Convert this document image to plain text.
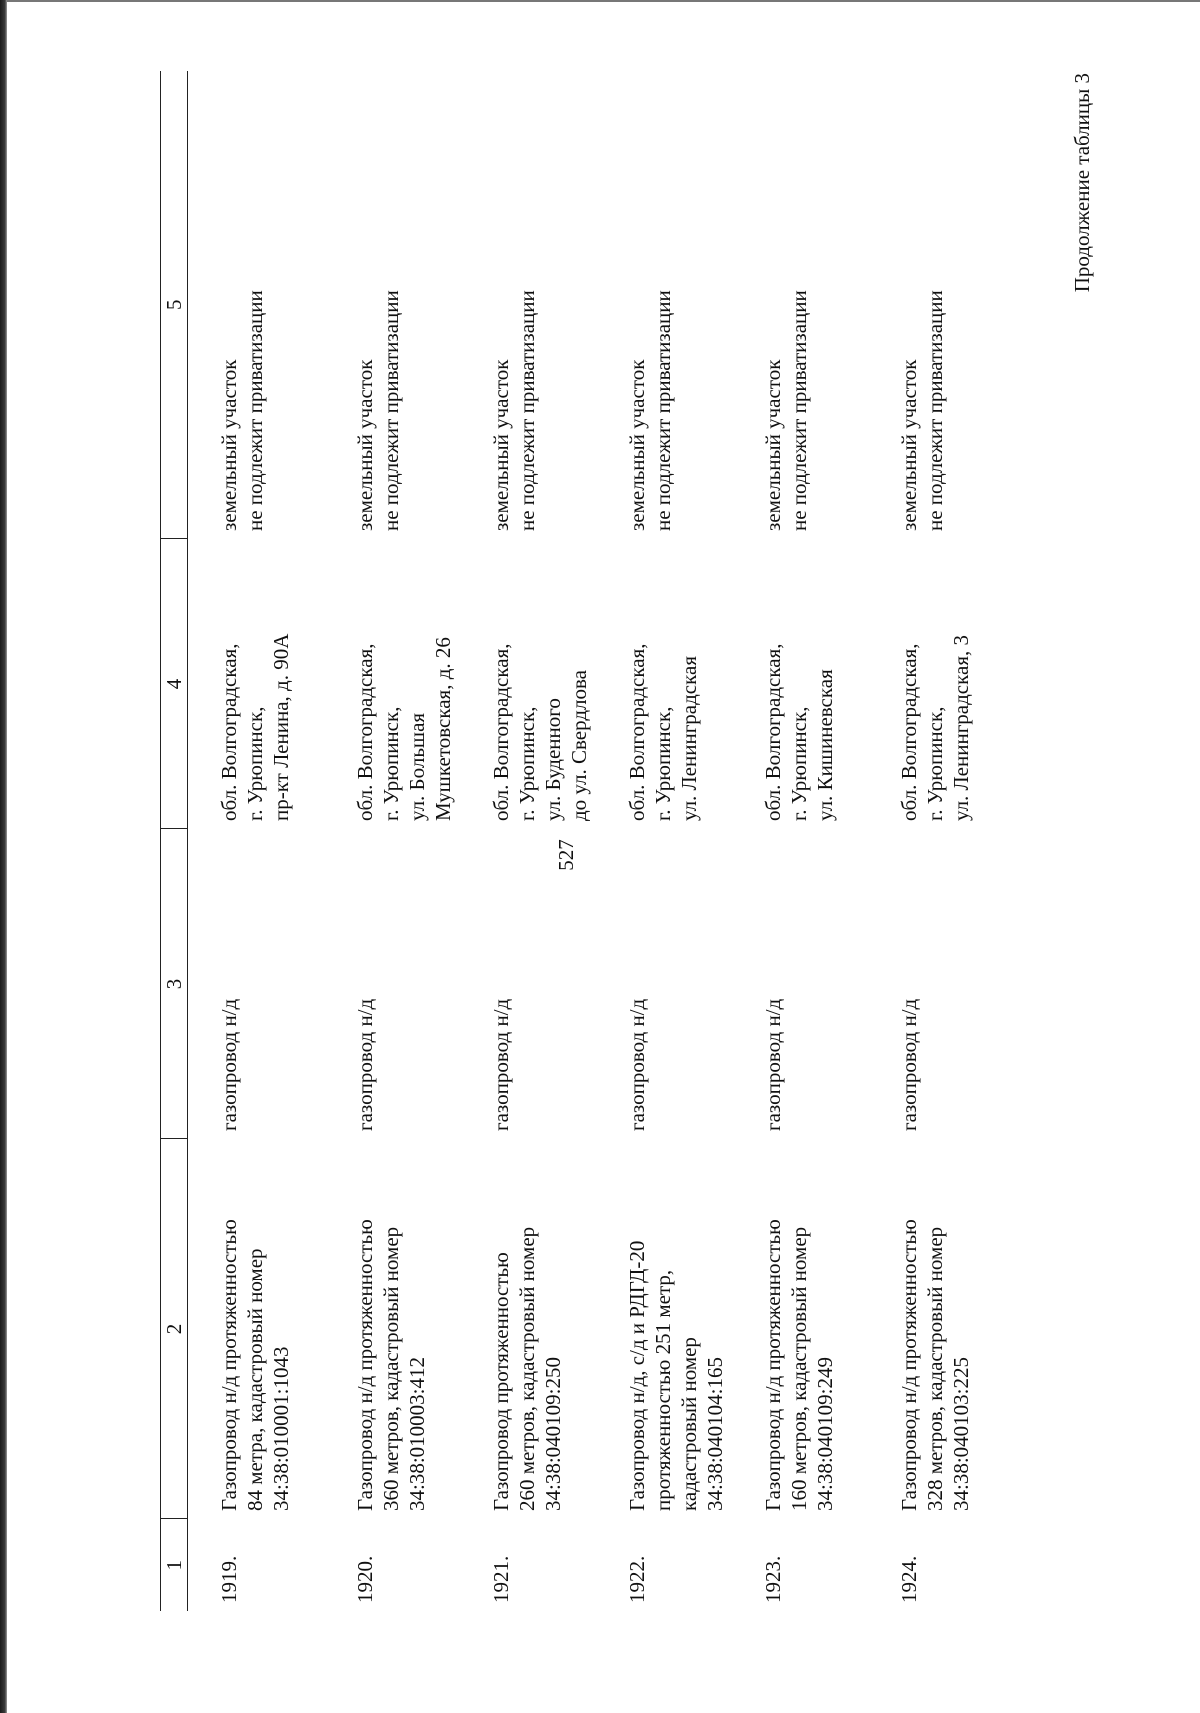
527
Продолжение таблицы 3
1	2	3	4	5
1919.	Газопровод н/д протяженностью 84 метра, кадастровый номер 34:38:010001:1043	газопровод н/д	обл. Волгоградская, г. Урюпинск, пр-кт Ленина, д. 90А	земельный участок не подлежит приватизации

1920.	Газопровод н/д протяженностью 360 метров, кадастровый номер 34:38:010003:412	газопровод н/д	обл. Волгоградская, г. Урюпинск, ул. Большая Мушкетовская, д. 26	земельный участок не подлежит приватизации

1921.	Газопровод протяженностью 260 метров, кадастровый номер 34:38:040109:250	газопровод н/д	обл. Волгоградская, г. Урюпинск, ул. Буденного до ул. Свердлова	земельный участок не подлежит приватизации

1922.	Газопровод н/д, с/д и РДГД-20 протяженностью 251 метр, кадастровый номер 34:38:040104:165	газопровод н/д	обл. Волгоградская, г. Урюпинск, ул. Ленинградская	земельный участок не подлежит приватизации

1923.	Газопровод н/д протяженностью 160 метров, кадастровый номер 34:38:040109:249	газопровод н/д	обл. Волгоградская, г. Урюпинск, ул. Кишиневская	земельный участок не подлежит приватизации

1924.	Газопровод н/д протяженностью 328 метров, кадастровый номер 34:38:040103:225	газопровод н/д	обл. Волгоградская, г. Урюпинск, ул. Ленинградская, 3	земельный участок не подлежит приватизации
